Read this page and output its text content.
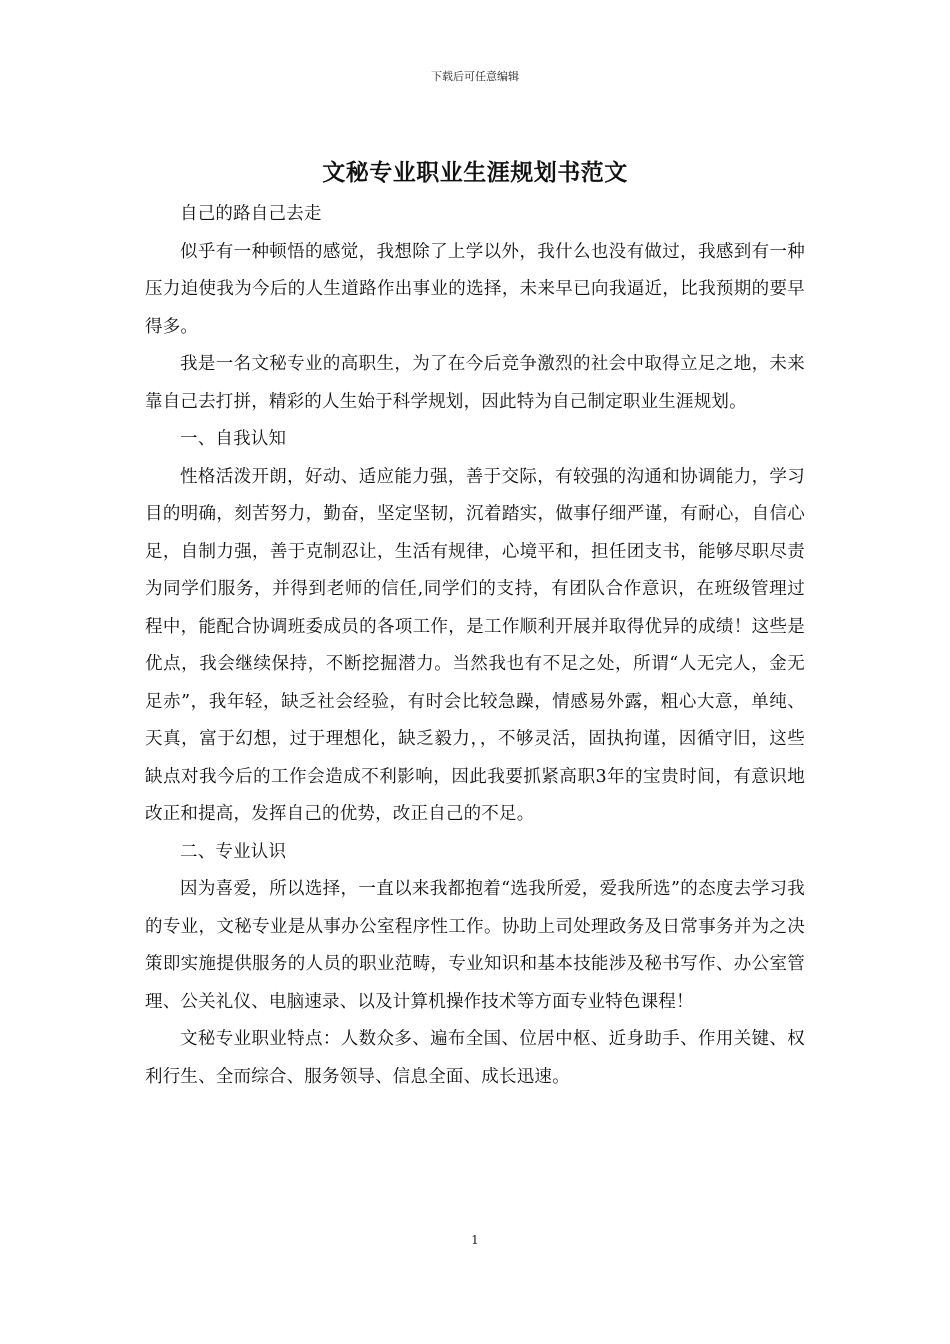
下载后可任意编辑
文秘专业职业生涯规划书范文

自己的路自己去走

似乎有一种顿悟的感觉，我想除了上学以外，我什么也没有做过，我感到有一种压力迫使我为今后的人生道路作出事业的选择，未来早已向我逼近，比我预期的要早得多。

我是一名文秘专业的高职生，为了在今后竞争激烈的社会中取得立足之地，未来靠自己去打拼，精彩的人生始于科学规划，因此特为自己制定职业生涯规划。

一、自我认知

性格活泼开朗，好动、适应能力强，善于交际，有较强的沟通和协调能力，学习目的明确，刻苦努力，勤奋，坚定坚韧，沉着踏实，做事仔细严谨，有耐心，自信心足，自制力强，善于克制忍让，生活有规律，心境平和，担任团支书，能够尽职尽责为同学们服务，并得到老师的信任,同学们的支持，有团队合作意识，在班级管理过程中，能配合协调班委成员的各项工作，是工作顺利开展并取得优异的成绩！这些是优点，我会继续保持，不断挖掘潜力。当然我也有不足之处，所谓“人无完人，金无足赤”，我年轻，缺乏社会经验，有时会比较急躁，情感易外露，粗心大意，单纯、天真，富于幻想，过于理想化，缺乏毅力，，不够灵活，固执拘谨，因循守旧，这些缺点对我今后的工作会造成不利影响，因此我要抓紧高职3年的宝贵时间，有意识地改正和提高，发挥自己的优势，改正自己的不足。

二、专业认识

因为喜爱，所以选择，一直以来我都抱着“选我所爱，爱我所选”的态度去学习我的专业，文秘专业是从事办公室程序性工作。协助上司处理政务及日常事务并为之决策即实施提供服务的人员的职业范畴，专业知识和基本技能涉及秘书写作、办公室管理、公关礼仪、电脑速录、以及计算机操作技术等方面专业特色课程！

文秘专业职业特点：人数众多、遍布全国、位居中枢、近身助手、作用关键、权利行生、全而综合、服务领导、信息全面、成长迅速。

1
